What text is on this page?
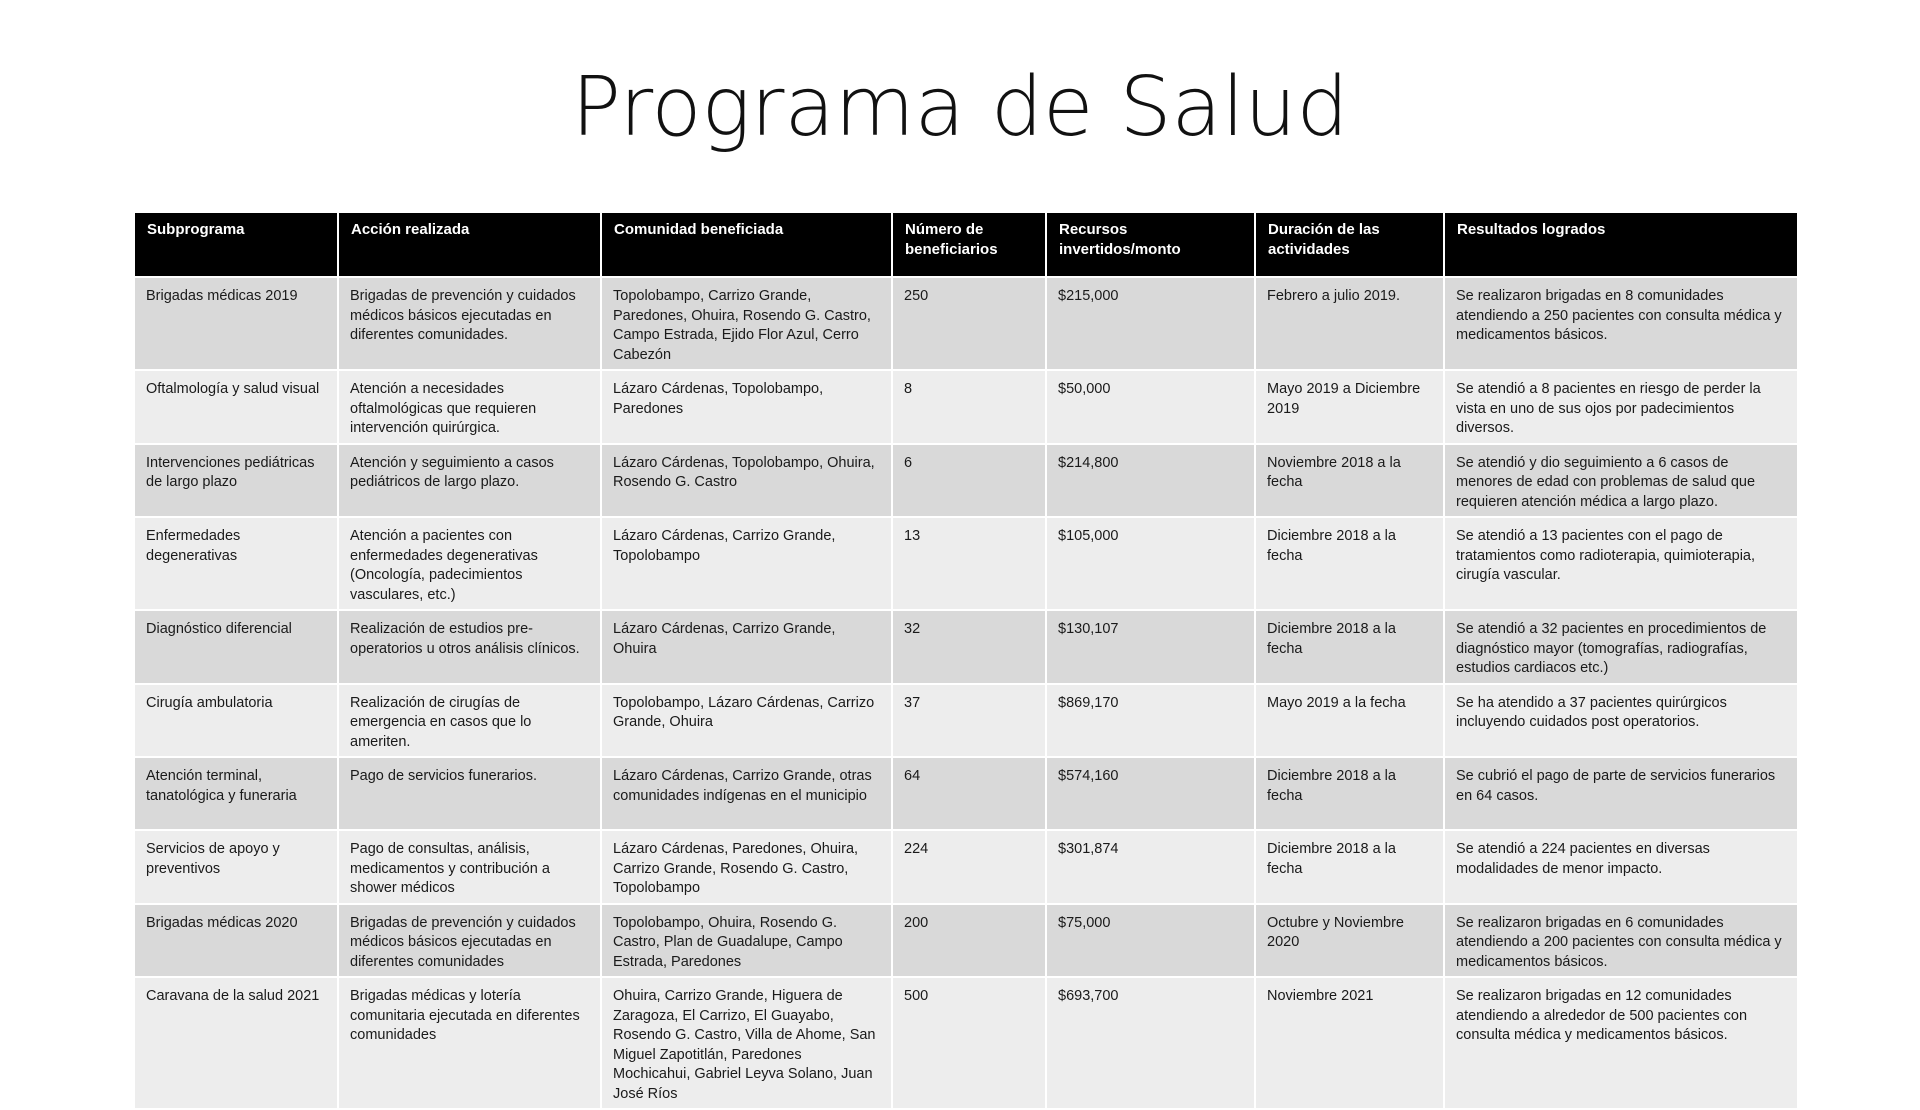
Programa de Salud
Subprograma	Acción realizada	Comunidad beneficiada	Número de beneficiarios	Recursos invertidos/monto	Duración de las actividades	Resultados logrados
Brigadas médicas 2019	Brigadas de prevención y cuidados médicos básicos ejecutadas en diferentes comunidades.	Topolobampo, Carrizo Grande, Paredones, Ohuira, Rosendo G. Castro, Campo Estrada, Ejido Flor Azul, Cerro Cabezón	250	$215,000	Febrero a julio 2019.	Se realizaron brigadas en 8 comunidades atendiendo a 250 pacientes con consulta médica y medicamentos básicos.
Oftalmología y salud visual	Atención a necesidades oftalmológicas que requieren intervención quirúrgica.	Lázaro Cárdenas, Topolobampo, Paredones	8	$50,000	Mayo 2019 a Diciembre 2019	Se atendió a 8 pacientes en riesgo de perder la vista en uno de sus ojos por padecimientos diversos.
Intervenciones pediátricas de largo plazo	Atención y seguimiento a casos pediátricos de largo plazo.	Lázaro Cárdenas, Topolobampo, Ohuira, Rosendo G. Castro	6	$214,800	Noviembre 2018 a la fecha	Se atendió y dio seguimiento a 6 casos de menores de edad con problemas de salud que requieren atención médica a largo plazo.
Enfermedades degenerativas	Atención a pacientes con enfermedades degenerativas (Oncología, padecimientos vasculares, etc.)	Lázaro Cárdenas, Carrizo Grande, Topolobampo	13	$105,000	Diciembre 2018 a la fecha	Se atendió a 13 pacientes con el pago de tratamientos como radioterapia, quimioterapia, cirugía vascular.
Diagnóstico diferencial	Realización de estudios pre-operatorios u otros análisis clínicos.	Lázaro Cárdenas, Carrizo Grande, Ohuira	32	$130,107	Diciembre 2018 a la fecha	Se atendió a 32 pacientes en procedimientos de diagnóstico mayor (tomografías, radiografías, estudios cardiacos etc.)
Cirugía ambulatoria	Realización de cirugías de emergencia en casos que lo ameriten.	Topolobampo, Lázaro Cárdenas, Carrizo Grande, Ohuira	37	$869,170	Mayo 2019 a la fecha	Se ha atendido a 37 pacientes quirúrgicos incluyendo cuidados post operatorios.
Atención terminal, tanatológica y funeraria	Pago de servicios funerarios.	Lázaro Cárdenas, Carrizo Grande, otras comunidades indígenas en el municipio	64	$574,160	Diciembre 2018 a la fecha	Se cubrió el pago de parte de servicios funerarios en 64 casos.
Servicios de apoyo y preventivos	Pago de consultas, análisis, medicamentos y contribución a shower médicos	Lázaro Cárdenas, Paredones, Ohuira, Carrizo Grande, Rosendo G. Castro, Topolobampo	224	$301,874	Diciembre 2018 a la fecha	Se atendió a 224 pacientes en diversas modalidades de menor impacto.
Brigadas médicas 2020	Brigadas de prevención y cuidados médicos básicos ejecutadas en diferentes comunidades	Topolobampo, Ohuira, Rosendo G. Castro, Plan de Guadalupe, Campo Estrada, Paredones	200	$75,000	Octubre y Noviembre 2020	Se realizaron brigadas en 6 comunidades atendiendo a 200 pacientes con consulta médica y medicamentos básicos.
Caravana de la salud 2021	Brigadas médicas y lotería comunitaria ejecutada en diferentes comunidades	Ohuira, Carrizo Grande, Higuera de Zaragoza, El Carrizo, El Guayabo, Rosendo G. Castro, Villa de Ahome, San Miguel Zapotitlán, Paredones Mochicahui, Gabriel Leyva Solano, Juan José Ríos	500	$693,700	Noviembre 2021	Se realizaron brigadas en 12 comunidades atendiendo a alrededor de 500 pacientes con consulta médica y medicamentos básicos.
